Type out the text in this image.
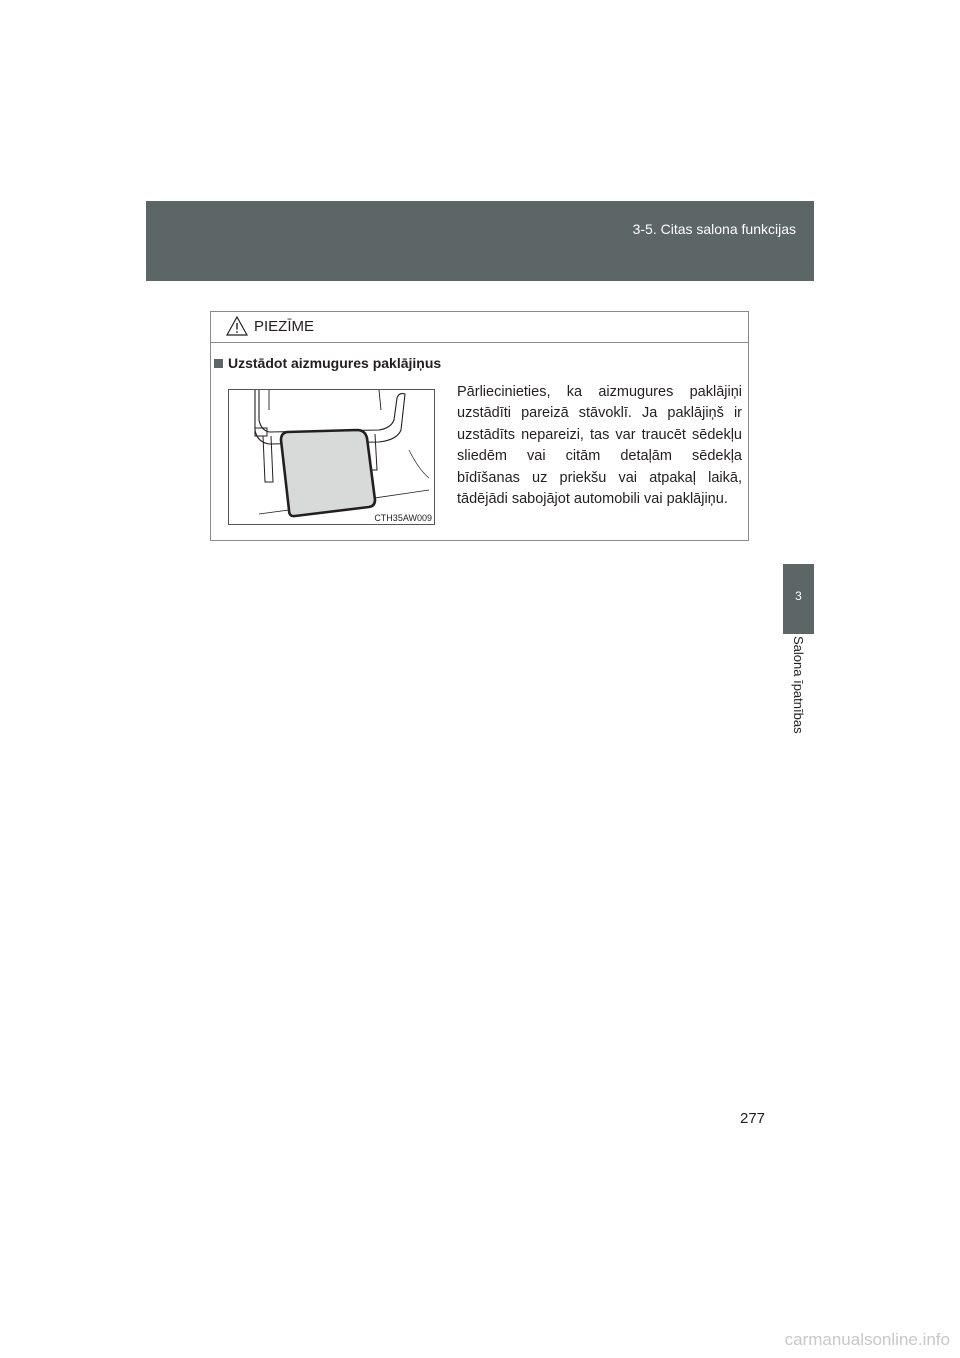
3-5. Citas salona funkcijas
3
Salona īpatnības
PIEZĪME
Uzstādot aizmugures paklājiņus
CTH35AW009
Pārliecinieties, ka aizmugures paklājiņi uzstādīti pareizā stāvoklī. Ja paklājiņš ir uzstādīts nepareizi, tas var traucēt sēdekļu sliedēm vai citām detaļām sēdekļa bīdīšanas uz priekšu vai atpakaļ laikā, tādējādi sabojājot automobili vai paklājiņu.
277
carmanualsonline.info
